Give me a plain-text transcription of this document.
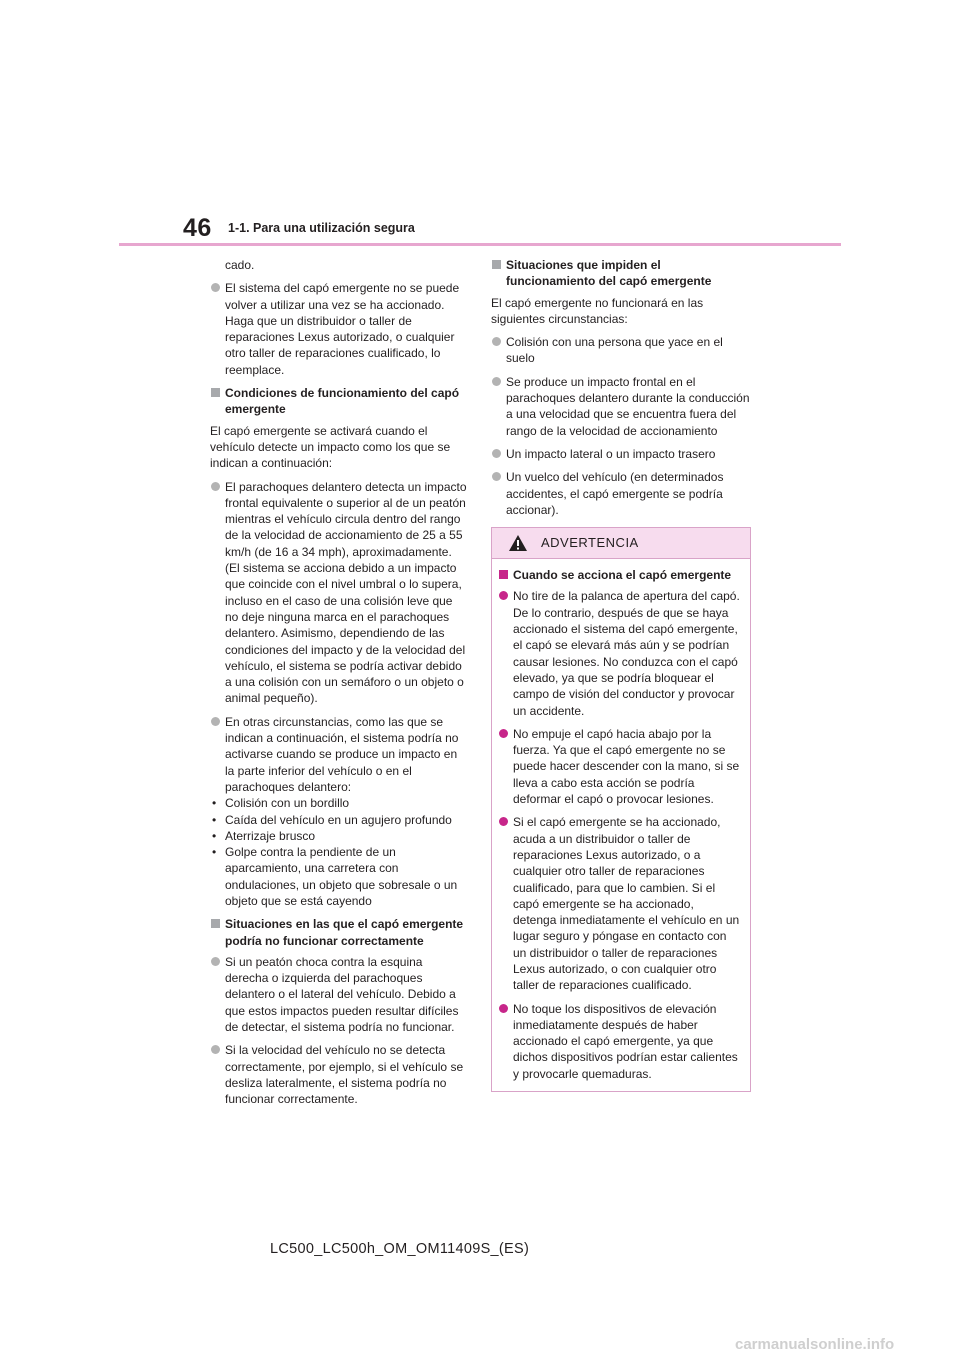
46 1-1. Para una utilización segura
cado.
El sistema del capó emergente no se puede volver a utilizar una vez se ha accionado. Haga que un distribuidor o taller de reparaciones Lexus autorizado, o cualquier otro taller de reparaciones cualificado, lo reemplace.
Condiciones de funcionamiento del capó emergente
El capó emergente se activará cuando el vehículo detecte un impacto como los que se indican a continuación:
El parachoques delantero detecta un impacto frontal equivalente o superior al de un peatón mientras el vehículo circula dentro del rango de la velocidad de accionamiento de 25 a 55 km/h (de 16 a 34 mph), aproximadamente. (El sistema se acciona debido a un impacto que coincide con el nivel umbral o lo supera, incluso en el caso de una colisión leve que no deje ninguna marca en el parachoques delantero. Asimismo, dependiendo de las condiciones del impacto y de la velocidad del vehículo, el sistema se podría activar debido a una colisión con un semáforo o un objeto o animal pequeño).
En otras circunstancias, como las que se indican a continuación, el sistema podría no activarse cuando se produce un impacto en la parte inferior del vehículo o en el parachoques delantero:
• Colisión con un bordillo
• Caída del vehículo en un agujero profundo
• Aterrizaje brusco
• Golpe contra la pendiente de un aparcamiento, una carretera con ondulaciones, un objeto que sobresale o un objeto que se está cayendo
Situaciones en las que el capó emergente podría no funcionar correctamente
Si un peatón choca contra la esquina derecha o izquierda del parachoques delantero o el lateral del vehículo. Debido a que estos impactos pueden resultar difíciles de detectar, el sistema podría no funcionar.
Si la velocidad del vehículo no se detecta correctamente, por ejemplo, si el vehículo se desliza lateralmente, el sistema podría no funcionar correctamente.
Situaciones que impiden el funcionamiento del capó emergente
El capó emergente no funcionará en las siguientes circunstancias:
Colisión con una persona que yace en el suelo
Se produce un impacto frontal en el parachoques delantero durante la conducción a una velocidad que se encuentra fuera del rango de la velocidad de accionamiento
Un impacto lateral o un impacto trasero
Un vuelco del vehículo (en determinados accidentes, el capó emergente se podría accionar).
ADVERTENCIA
Cuando se acciona el capó emergente
No tire de la palanca de apertura del capó. De lo contrario, después de que se haya accionado el sistema del capó emergente, el capó se elevará más aún y se podrían causar lesiones. No conduzca con el capó elevado, ya que se podría bloquear el campo de visión del conductor y provocar un accidente.
No empuje el capó hacia abajo por la fuerza. Ya que el capó emergente no se puede hacer descender con la mano, si se lleva a cabo esta acción se podría deformar el capó o provocar lesiones.
Si el capó emergente se ha accionado, acuda a un distribuidor o taller de reparaciones Lexus autorizado, o a cualquier otro taller de reparaciones cualificado, para que lo cambien. Si el capó emergente se ha accionado, detenga inmediatamente el vehículo en un lugar seguro y póngase en contacto con un distribuidor o taller de reparaciones Lexus autorizado, o con cualquier otro taller de reparaciones cualificado.
No toque los dispositivos de elevación inmediatamente después de haber accionado el capó emergente, ya que dichos dispositivos podrían estar calientes y provocarle quemaduras.
LC500_LC500h_OM_OM11409S_(ES)
carmanualsonline.info
